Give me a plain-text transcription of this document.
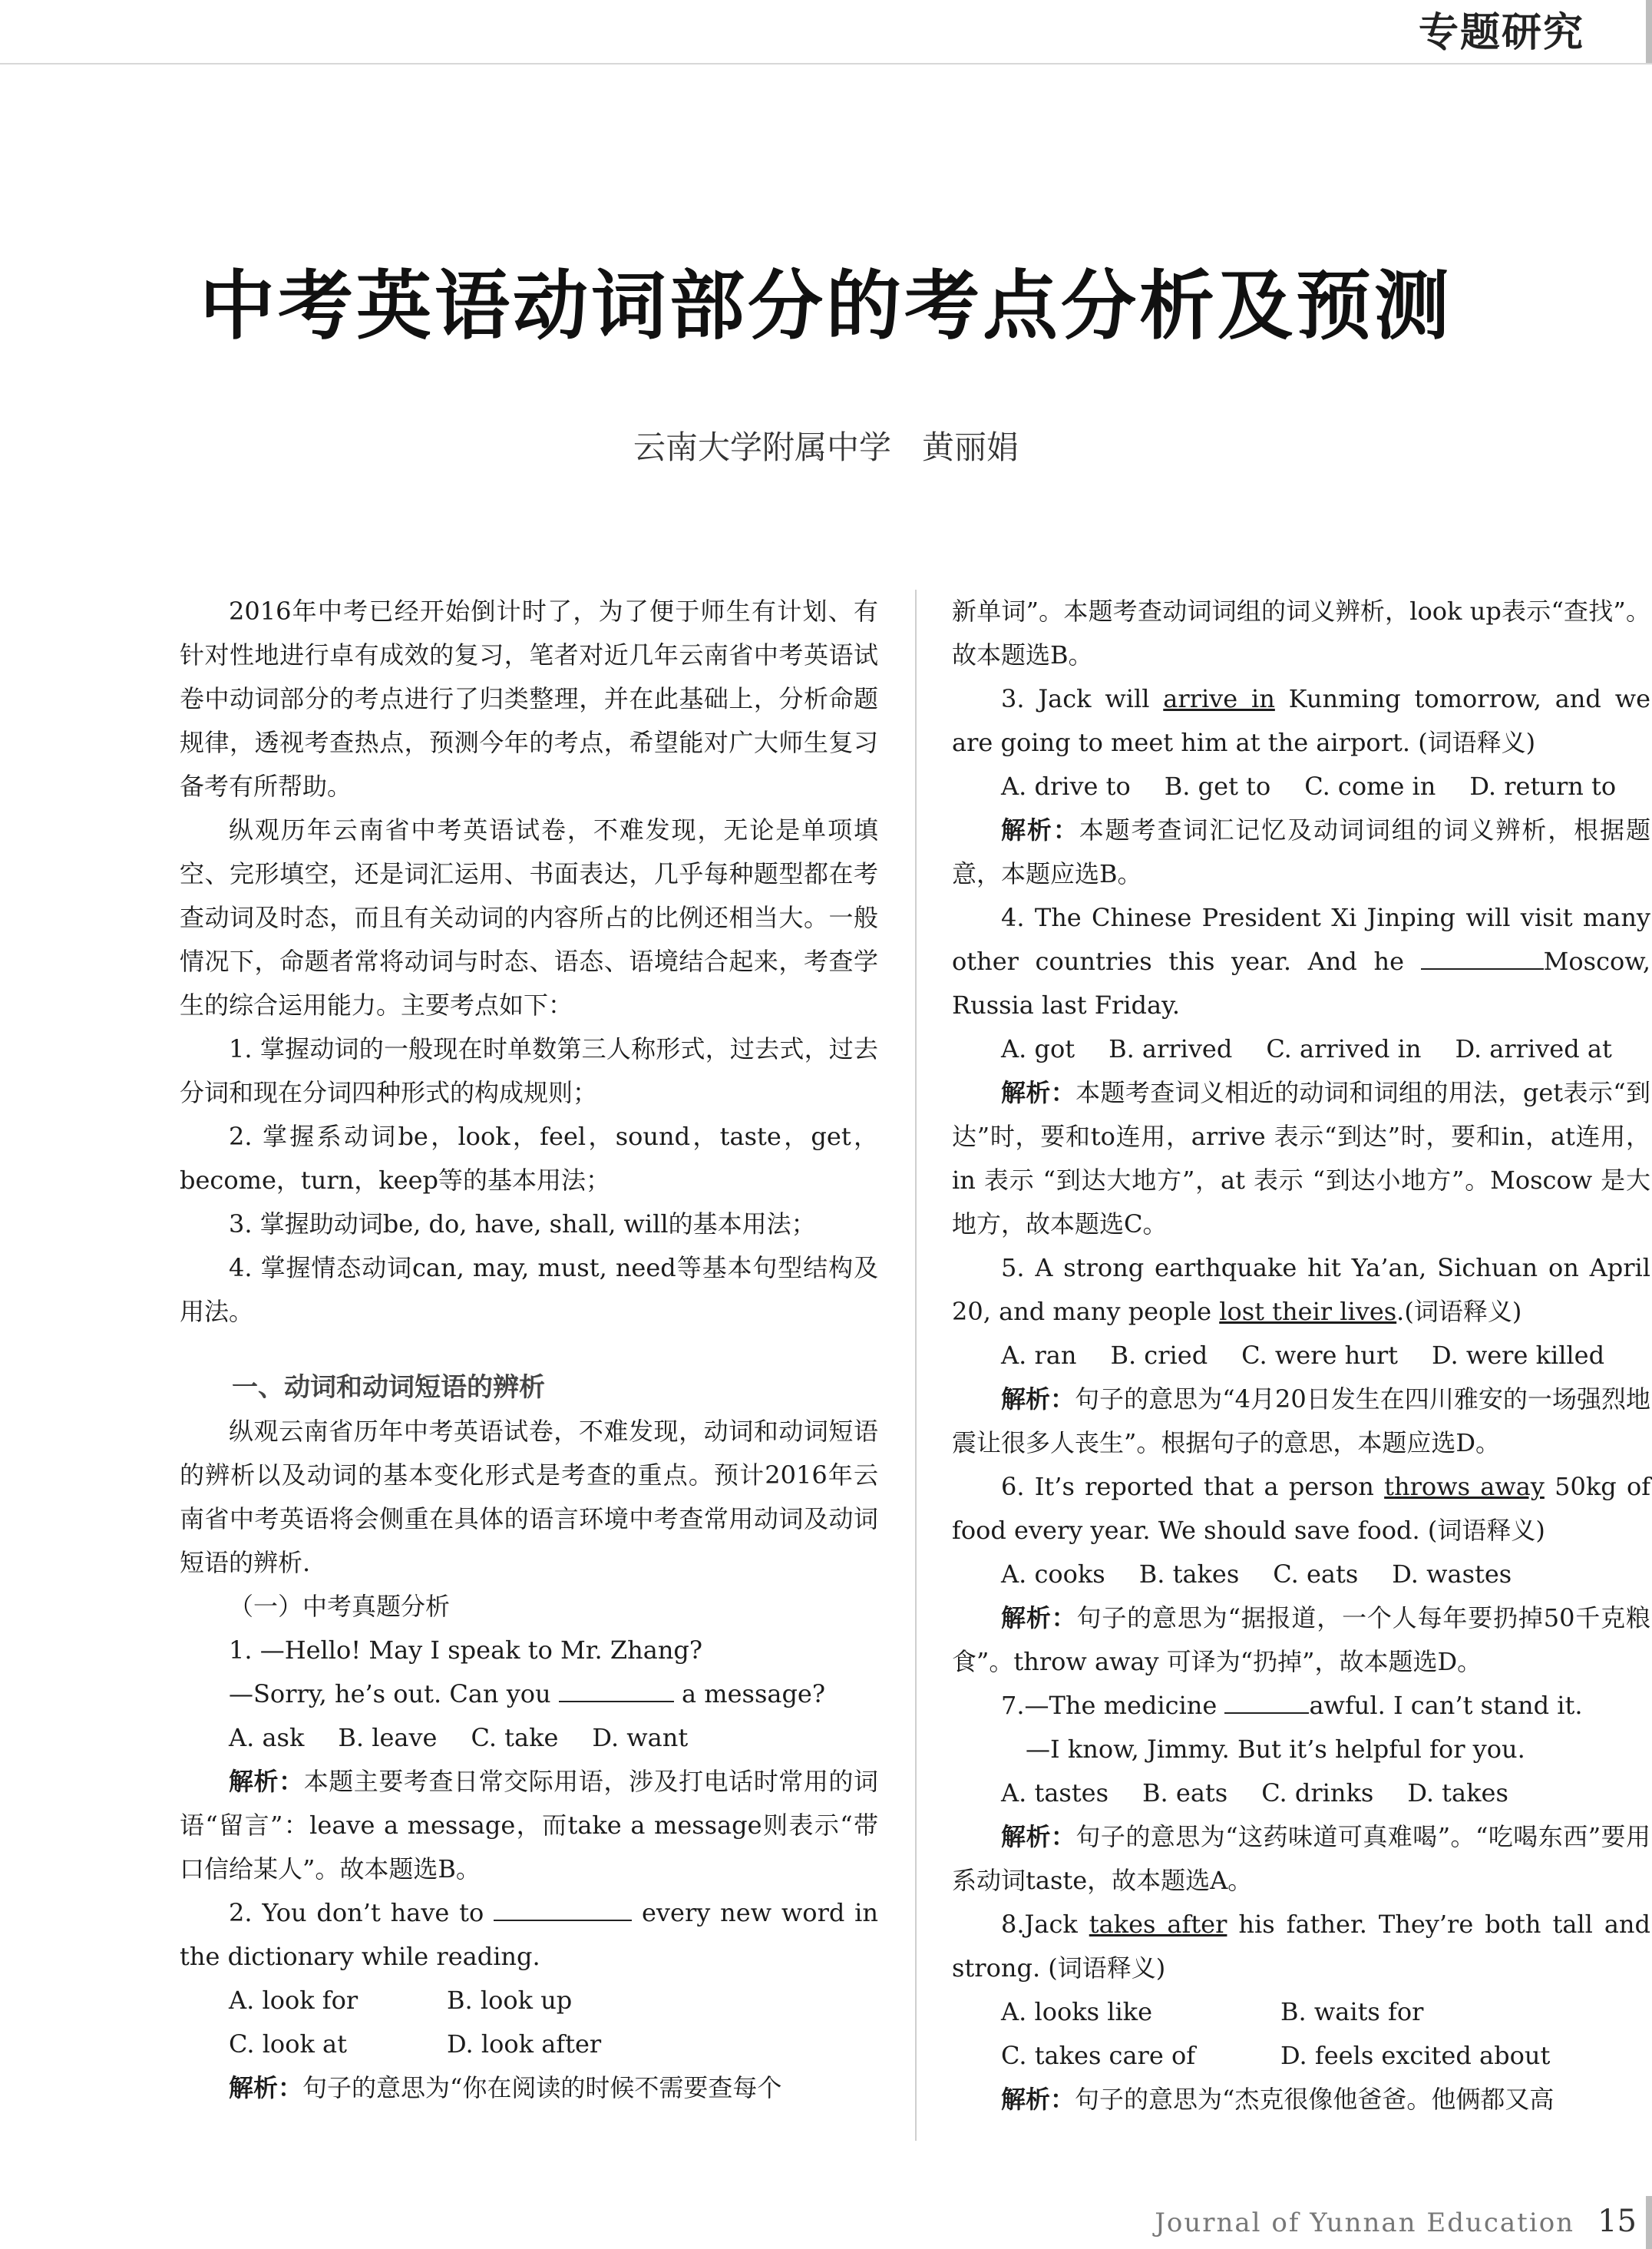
专题研究
中考英语动词部分的考点分析及预测
云南大学附属中学 黄丽娟

2016年中考已经开始倒计时了，为了便于师生有计划、有针对性地进行卓有成效的复习，笔者对近几年云南省中考英语试卷中动词部分的考点进行了归类整理，并在此基础上，分析命题规律，透视考查热点，预测今年的考点，希望能对广大师生复习备考有所帮助。

纵观历年云南省中考英语试卷，不难发现，无论是单项填空、完形填空，还是词汇运用、书面表达，几乎每种题型都在考查动词及时态，而且有关动词的内容所占的比例还相当大。一般情况下，命题者常将动词与时态、语态、语境结合起来，考查学生的综合运用能力。主要考点如下：

1. 掌握动词的一般现在时单数第三人称形式，过去式，过去分词和现在分词四种形式的构成规则；

2. 掌握系动词be，look，feel，sound，taste，get，become，turn，keep等的基本用法；

3. 掌握助动词be, do, have, shall, will的基本用法；

4. 掌握情态动词can, may, must, need等基本句型结构及用法。

一、动词和动词短语的辨析

纵观云南省历年中考英语试卷，不难发现，动词和动词短语的辨析以及动词的基本变化形式是考查的重点。预计2016年云南省中考英语将会侧重在具体的语言环境中考查常用动词及动词短语的辨析.

（一）中考真题分析

1. —Hello! May I speak to Mr. Zhang?

—Sorry, he’s out. Can you	a message?

A. ask B. leave C. take D. want

解析：本题主要考查日常交际用语，涉及打电话时常用的词语“留言”：leave a message，而take a message则表示“带口信给某人”。故本题选B。

2. You don’t have to	every new word in the dictionary while reading.

A. look for	B. look up

C. look at	D. look after

解析：句子的意思为“你在阅读的时候不需要查每个

新单词”。本题考查动词词组的词义辨析，look up表示“查找”。故本题选B。

3. Jack will arrive in Kunming tomorrow, and we are going to meet him at the airport. (词语释义)

A. drive to B. get to C. come in D. return to

解析：本题考查词汇记忆及动词词组的词义辨析，根据题意，本题应选B。

4. The Chinese President Xi Jinping will visit many other countries this year. And he	Moscow, Russia last Friday.

A. got B. arrived C. arrived in D. arrived at

解析：本题考查词义相近的动词和词组的用法，get表示“到达”时，要和to连用，arrive 表示“到达”时，要和in，at连用，in 表示 “到达大地方”，at 表示 “到达小地方”。Moscow 是大地方，故本题选C。

5. A strong earthquake hit Ya’an, Sichuan on April 20, and many people lost their lives.(词语释义)

A. ran B. cried C. were hurt D. were killed

解析：句子的意思为“4月20日发生在四川雅安的一场强烈地震让很多人丧生”。根据句子的意思，本题应选D。

6. It’s reported that a person throws away 50kg of food every year. We should save food. (词语释义)

A. cooks B. takes C. eats D. wastes

解析：句子的意思为“据报道，一个人每年要扔掉50千克粮食”。throw away 可译为“扔掉”，故本题选D。

7.—The medicine	awful. I can’t stand it.

—I know, Jimmy. But it’s helpful for you.

A. tastes B. eats C. drinks D. takes

解析：句子的意思为“这药味道可真难喝”。“吃喝东西”要用系动词taste，故本题选A。

8.Jack takes after his father. They’re both tall and strong. (词语释义)

A. looks like	B. waits for

C. takes care of	D. feels excited about

解析：句子的意思为“杰克很像他爸爸。他俩都又高

Journal of Yunnan Education 15
